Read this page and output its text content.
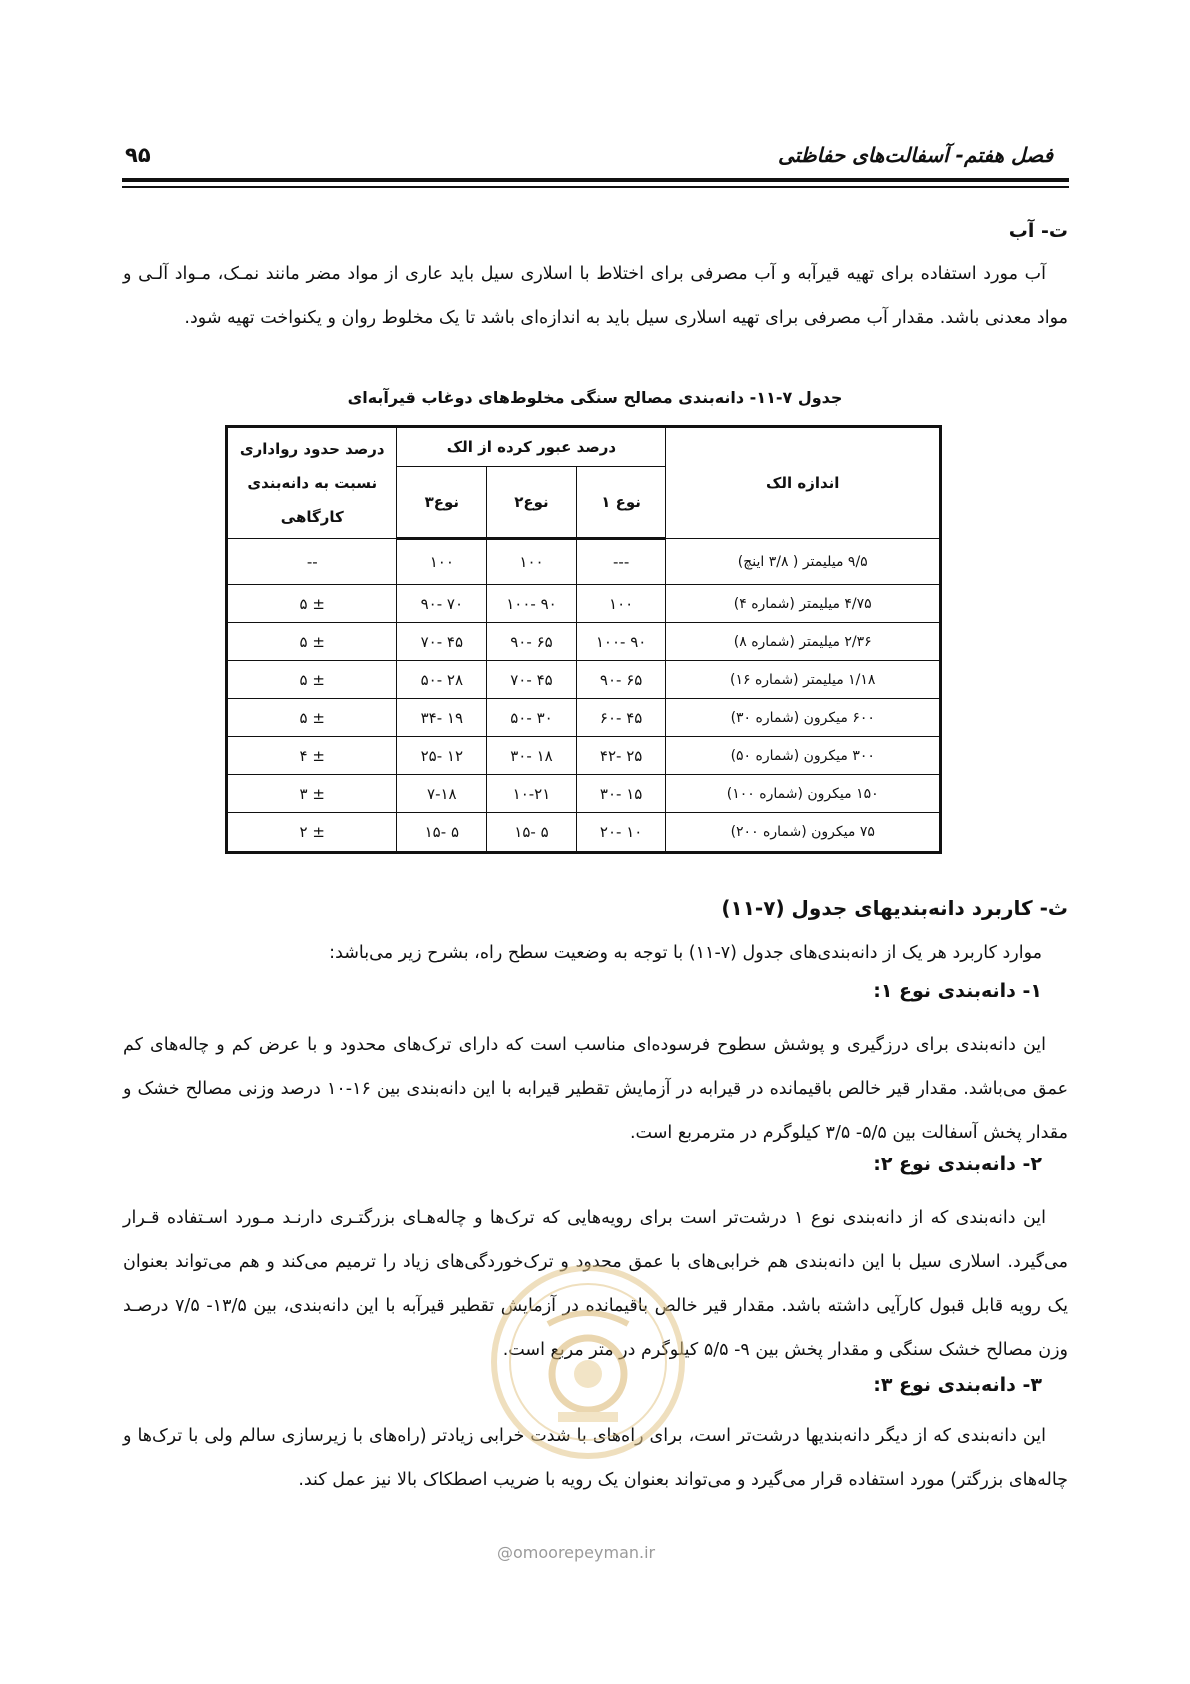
فصل هفتم- آسفالت‌های حفاظتی
۹۵
ت- آب
آب مورد استفاده برای تهیه قیرآبه و آب مصرفی برای اختلاط با اسلاری سیل باید عاری از مواد مضر مانند نمـک، مـواد آلـی و مواد معدنی باشد. مقدار آب مصرفی برای تهیه اسلاری سیل باید به اندازه‌ای باشد تا یک مخلوط روان و یکنواخت تهیه شود.
جدول ۷-۱۱- دانه‌بندی مصالح سنگی مخلوط‌های دوغاب قیرآبه‌ای
اندازه الک	درصد عبور کرده از الک			درصد حدود رواداری نسبت به دانه‌بندی کارگاهی
	نوع ۱	نوع۲	نوع۳	
۹/۵ میلیمتر ( ۳/۸ اینچ)	---	۱۰۰	۱۰۰	--
۴/۷۵ میلیمتر (شماره ۴)	۱۰۰	۹۰ -۱۰۰	۷۰ -۹۰	± ۵
۲/۳۶ میلیمتر (شماره ۸)	۹۰ -۱۰۰	۶۵ -۹۰	۴۵ -۷۰	± ۵
۱/۱۸ میلیمتر (شماره ۱۶)	۶۵ -۹۰	۴۵ -۷۰	۲۸ -۵۰	± ۵
۶۰۰ میکرون (شماره ۳۰)	۴۵ -۶۰	۳۰ -۵۰	۱۹ -۳۴	± ۵
۳۰۰ میکرون (شماره ۵۰)	۲۵ -۴۲	۱۸ -۳۰	۱۲ -۲۵	± ۴
۱۵۰ میکرون (شماره ۱۰۰)	۱۵ -۳۰	۱۰-۲۱	۷-۱۸	± ۳
۷۵ میکرون (شماره ۲۰۰)	۱۰ -۲۰	۵ -۱۵	۵ -۱۵	± ۲
ث- کاربرد دانه‌بندیهای جدول (۷-۱۱)
موارد کاربرد هر یک از دانه‌بندی‌های جدول (۷-۱۱) با توجه به وضعیت سطح راه، بشرح زیر می‌باشد:
۱- دانه‌بندی نوع ۱:
این دانه‌بندی برای درزگیری و پوشش سطوح فرسوده‌ای مناسب است که دارای ترک‌های محدود و با عرض کم و چاله‌های کم عمق می‌باشد. مقدار قیر خالص باقیمانده در قیرابه در آزمایش تقطیر قیرابه با این دانه‌بندی بین ۱۶-۱۰ درصد وزنی مصالح خشک و مقدار پخش آسفالت بین ۵/۵- ۳/۵ کیلوگرم در مترمربع است.
۲- دانه‌بندی نوع ۲:
این دانه‌بندی که از دانه‌بندی نوع ۱ درشت‌تر است برای رویه‌هایی که ترک‌ها و چاله‌هـای بزرگتـری دارنـد مـورد اسـتفاده قـرار می‌گیرد. اسلاری سیل با این دانه‌بندی هم خرابی‌های با عمق محدود و ترک‌خوردگی‌های زیاد را ترمیم می‌کند و هم می‌تواند بعنوان یک رویه قابل قبول کارآیی داشته باشد. مقدار قیر خالص باقیمانده در آزمایش تقطیر قیرآبه با این دانه‌بندی، بین ۱۳/۵- ۷/۵ درصـد وزن مصالح خشک سنگی و مقدار پخش بین ۹- ۵/۵ کیلوگرم در متر مربع است.
۳- دانه‌بندی نوع ۳:
این دانه‌بندی که از دیگر دانه‌بندیها درشت‌تر است، برای راه‌های با شدت خرابی زیادتر (راه‌های با زیرسازی سالم ولی با ترک‌ها و چاله‌های بزرگتر) مورد استفاده قرار می‌گیرد و می‌تواند بعنوان یک رویه با ضریب اصطکاک بالا نیز عمل کند.
@omoorepeyman.ir
